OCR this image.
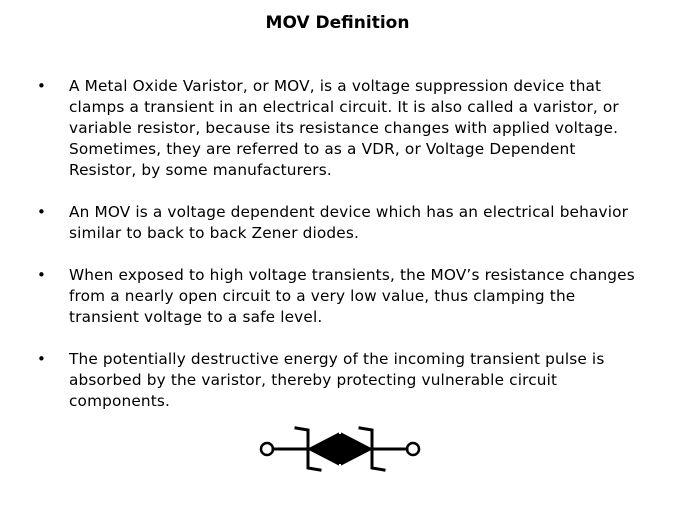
MOV Definition
• A Metal Oxide Varistor, or MOV, is a voltage suppression device that clamps a transient in an electrical circuit. It is also called a varistor, or variable resistor, because its resistance changes with applied voltage. Sometimes, they are referred to as a VDR, or Voltage Dependent Resistor, by some manufacturers.
• An MOV is a voltage dependent device which has an electrical behavior similar to back to back Zener diodes.
• When exposed to high voltage transients, the MOV’s resistance changes from a nearly open circuit to a very low value, thus clamping the transient voltage to a safe level.
• The potentially destructive energy of the incoming transient pulse is absorbed by the varistor, thereby protecting vulnerable circuit components.
